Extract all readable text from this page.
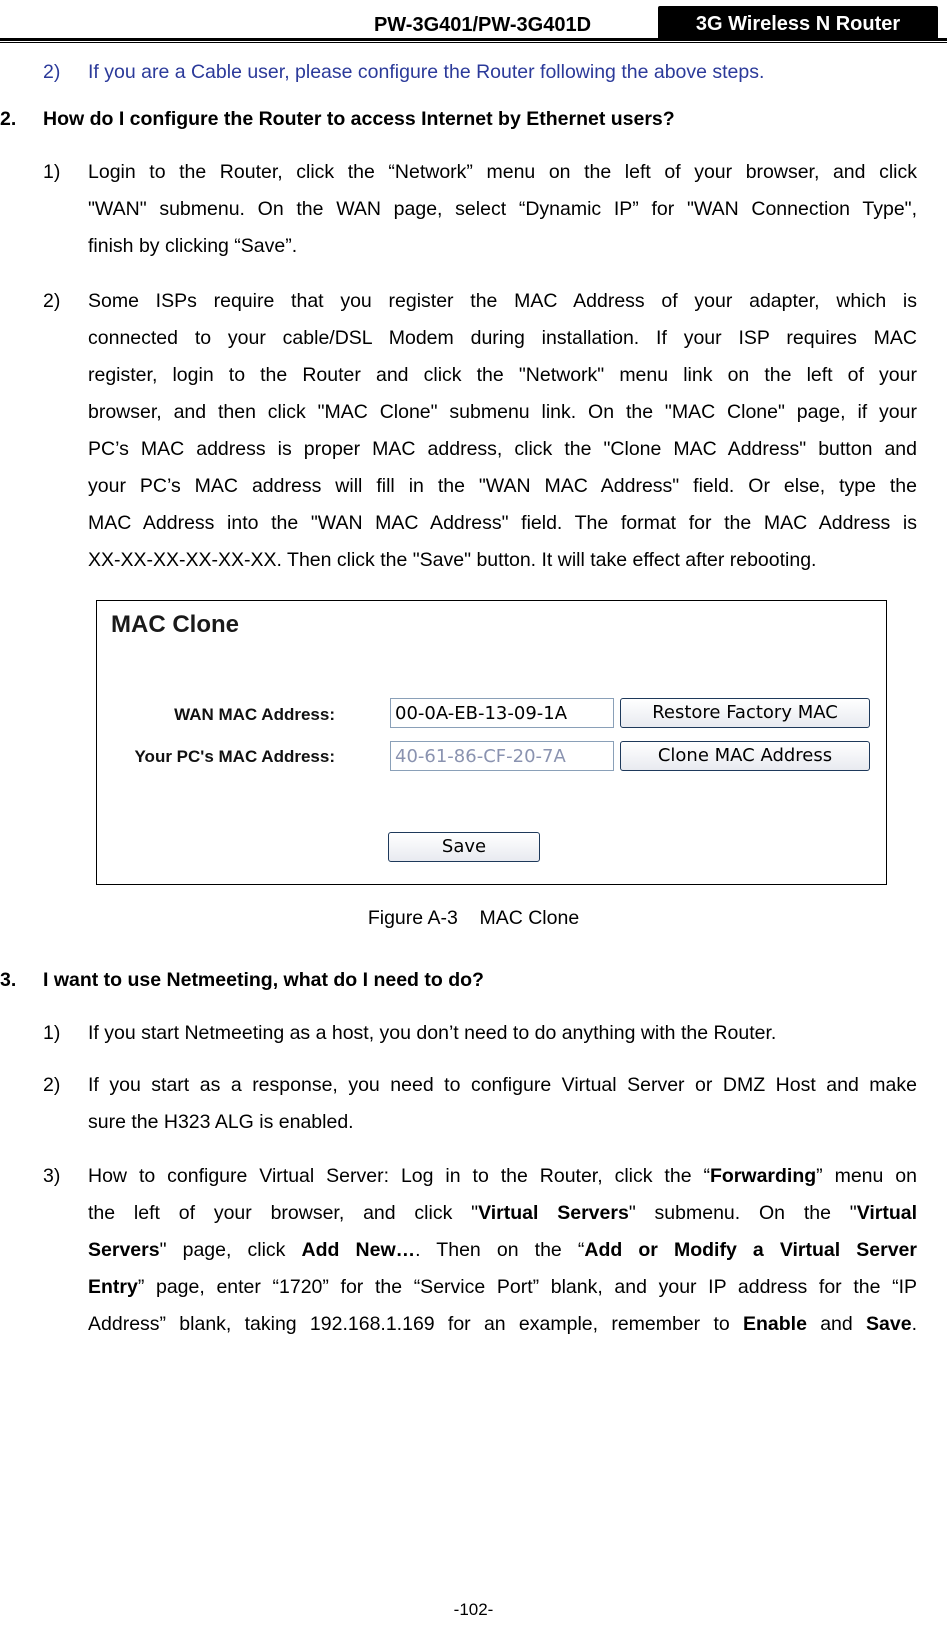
PW-3G401/PW-3G401D	3G Wireless N Router
2) If you are a Cable user, please configure the Router following the above steps.
2. How do I configure the Router to access Internet by Ethernet users?
1) Login to the Router, click the “Network” menu on the left of your browser, and click
"WAN" submenu. On the WAN page, select “Dynamic IP” for "WAN Connection Type",
finish by clicking “Save”.
2) Some ISPs require that you register the MAC Address of your adapter, which is
connected to your cable/DSL Modem during installation. If your ISP requires MAC
register, login to the Router and click the "Network" menu link on the left of your
browser, and then click "MAC Clone" submenu link. On the "MAC Clone" page, if your
PC’s MAC address is proper MAC address, click the "Clone MAC Address" button and
your PC’s MAC address will fill in the "WAN MAC Address" field. Or else, type the
MAC Address into the "WAN MAC Address" field. The format for the MAC Address is
XX-XX-XX-XX-XX-XX. Then click the "Save" button. It will take effect after rebooting.
MAC Clone
WAN MAC Address:
00-0A-EB-13-09-1A	Restore Factory MAC
Your PC's MAC Address:
40-61-86-CF-20-7A	Clone MAC Address
Save
Figure A-3    MAC Clone
3. I want to use Netmeeting, what do I need to do?
1) If you start Netmeeting as a host, you don’t need to do anything with the Router.
2) If you start as a response, you need to configure Virtual Server or DMZ Host and make
sure the H323 ALG is enabled.
3) How to configure Virtual Server: Log in to the Router, click the “Forwarding” menu on
the left of your browser, and click "Virtual Servers" submenu. On the "Virtual
Servers" page, click Add New…. Then on the “Add or Modify a Virtual Server
Entry” page, enter “1720” for the “Service Port” blank, and your IP address for the “IP
Address” blank, taking 192.168.1.169 for an example, remember to Enable and Save.
-102-
